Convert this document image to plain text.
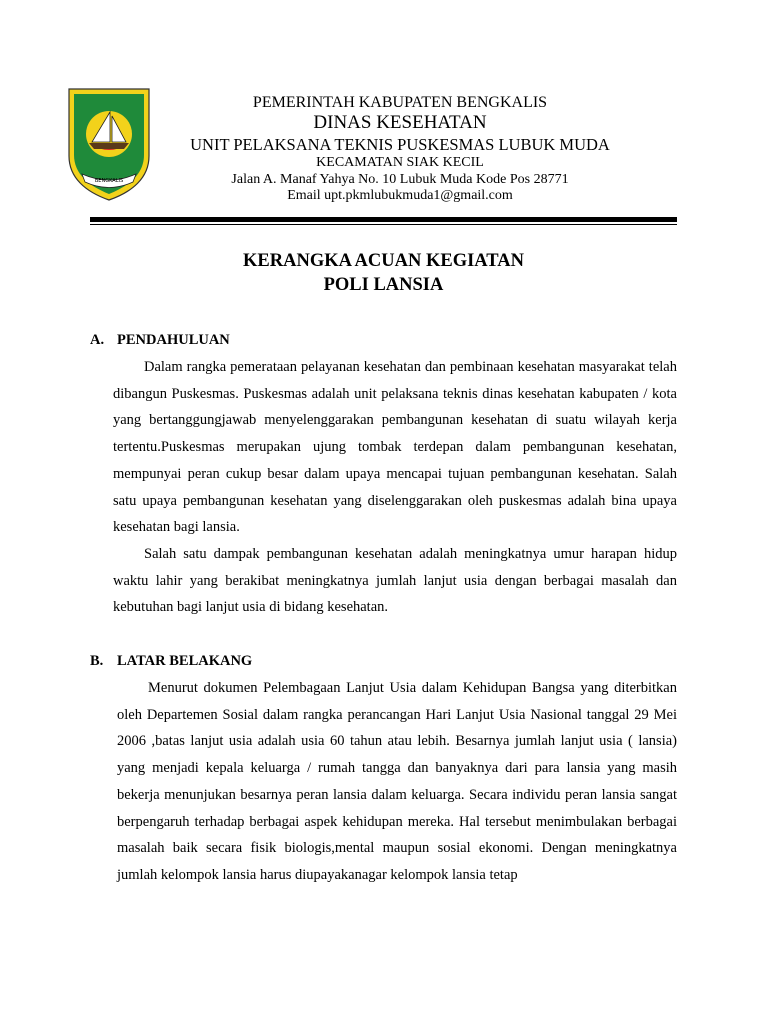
BENGKALIS
PEMERINTAH KABUPATEN BENGKALIS
DINAS KESEHATAN
UNIT PELAKSANA TEKNIS PUSKESMAS LUBUK MUDA
KECAMATAN SIAK KECIL
Jalan A. Manaf Yahya No. 10 Lubuk Muda Kode Pos 28771
Email upt.pkmlubukmuda1@gmail.com
KERANGKA ACUAN KEGIATAN
POLI LANSIA
A. PENDAHULUAN

Dalam rangka pemerataan pelayanan kesehatan dan pembinaan kesehatan masyarakat telah dibangun Puskesmas. Puskesmas adalah unit pelaksana teknis dinas kesehatan kabupaten / kota yang bertanggungjawab menyelenggarakan pembangunan kesehatan di suatu wilayah kerja tertentu.Puskesmas merupakan ujung tombak terdepan dalam pembangunan kesehatan, mempunyai peran cukup besar dalam upaya mencapai tujuan pembangunan kesehatan. Salah satu upaya pembangunan kesehatan yang diselenggarakan oleh puskesmas adalah bina upaya kesehatan bagi lansia.

Salah satu dampak pembangunan kesehatan adalah meningkatnya umur harapan hidup waktu lahir yang berakibat meningkatnya jumlah lanjut usia dengan berbagai masalah dan kebutuhan bagi lanjut usia di bidang kesehatan.

B. LATAR BELAKANG

Menurut dokumen Pelembagaan Lanjut Usia dalam Kehidupan Bangsa yang diterbitkan oleh Departemen Sosial dalam rangka perancangan Hari Lanjut Usia Nasional tanggal 29 Mei 2006 ,batas lanjut usia adalah usia 60 tahun atau lebih. Besarnya jumlah lanjut usia ( lansia) yang menjadi kepala keluarga / rumah tangga dan banyaknya dari para lansia yang masih bekerja menunjukan besarnya peran lansia dalam keluarga. Secara individu peran lansia sangat berpengaruh terhadap berbagai aspek kehidupan mereka. Hal tersebut menimbulakan berbagai masalah baik secara fisik biologis,mental maupun sosial ekonomi. Dengan meningkatnya jumlah kelompok lansia harus diupayakanagar kelompok lansia tetap
